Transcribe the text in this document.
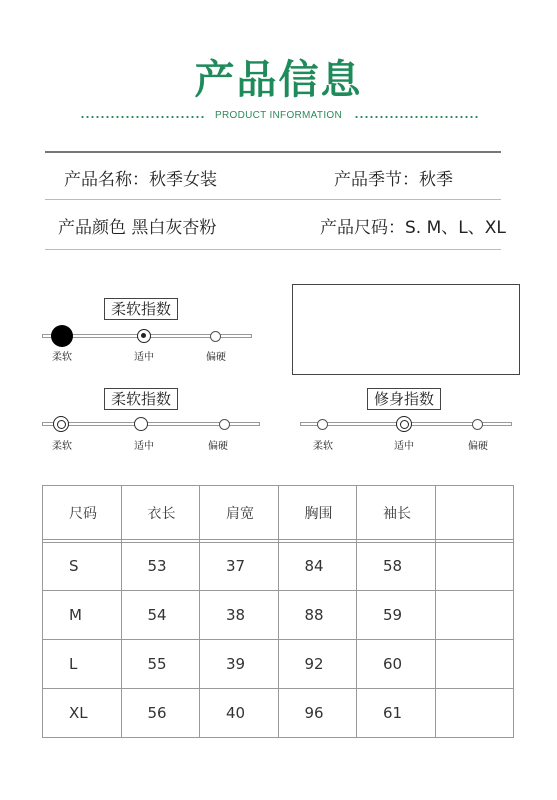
产品信息
PRODUCT INFORMATION
产品名称：秋季女装	产品季节：秋季
产品颜色 黑白灰杏粉	产品尺码：S. M、L、XL
柔软指数
柔软	适中	偏硬
柔软指数
柔软	适中	偏硬
修身指数
柔软	适中	偏硬
尺码	衣长	肩宽	胸围	袖长	

S	53	37	84	58	
M	54	38	88	59	
L	55	39	92	60	
XL	56	40	96	61	
